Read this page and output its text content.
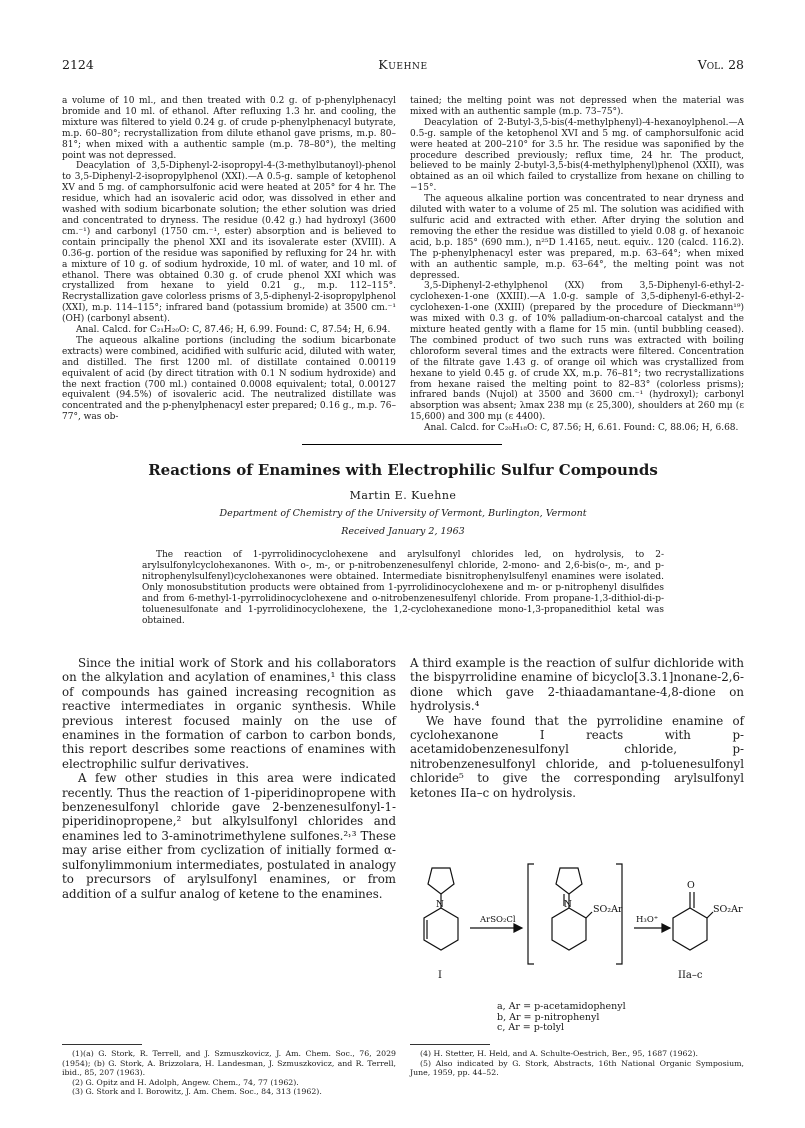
2124	Kuehne	Vol. 28

a volume of 10 ml., and then treated with 0.2 g. of p-phenylphenacyl bromide and 10 ml. of ethanol. After refluxing 1.3 hr. and cooling, the mixture was filtered to yield 0.24 g. of crude p-phenylphenacyl butyrate, m.p. 60–80°; recrystallization from dilute ethanol gave prisms, m.p. 80–81°; when mixed with a authentic sample (m.p. 78–80°), the melting point was not depressed.

Deacylation of 3,5-Diphenyl-2-isopropyl-4-(3-methylbutanoyl)-phenol to 3,5-Diphenyl-2-isopropylphenol (XXI).—A 0.5-g. sample of ketophenol XV and 5 mg. of camphorsulfonic acid were heated at 205° for 4 hr. The residue, which had an isovaleric acid odor, was dissolved in ether and washed with sodium bicarbonate solution; the ether solution was dried and concentrated to dryness. The residue (0.42 g.) had hydroxyl (3600 cm.⁻¹) and carbonyl (1750 cm.⁻¹, ester) absorption and is believed to contain principally the phenol XXI and its isovalerate ester (XVIII). A 0.36-g. portion of the residue was saponified by refluxing for 24 hr. with a mixture of 10 g. of sodium hydroxide, 10 ml. of water, and 10 ml. of ethanol. There was obtained 0.30 g. of crude phenol XXI which was crystallized from hexane to yield 0.21 g., m.p. 112–115°. Recrystallization gave colorless prisms of 3,5-diphenyl-2-isopropylphenol (XXI), m.p. 114–115°; infrared band (potassium bromide) at 3500 cm.⁻¹ (OH) (carbonyl absent).

Anal. Calcd. for C₂₁H₂₀O: C, 87.46; H, 6.99. Found: C, 87.54; H, 6.94.

The aqueous alkaline portions (including the sodium bicarbonate extracts) were combined, acidified with sulfuric acid, diluted with water, and distilled. The first 1200 ml. of distillate contained 0.00119 equivalent of acid (by direct titration with 0.1 N sodium hydroxide) and the next fraction (700 ml.) contained 0.0008 equivalent; total, 0.00127 equivalent (94.5%) of isovaleric acid. The neutralized distillate was concentrated and the p-phenylphenacyl ester prepared; 0.16 g., m.p. 76–77°, was ob-

tained; the melting point was not depressed when the material was mixed with an authentic sample (m.p. 73–75°).

Deacylation of 2-Butyl-3,5-bis(4-methylphenyl)-4-hexanoylphenol.—A 0.5-g. sample of the ketophenol XVI and 5 mg. of camphorsulfonic acid were heated at 200–210° for 3.5 hr. The residue was saponified by the procedure described previously; reflux time, 24 hr. The product, believed to be mainly 2-butyl-3,5-bis(4-methylphenyl)phenol (XXII), was obtained as an oil which failed to crystallize from hexane on chilling to −15°.

The aqueous alkaline portion was concentrated to near dryness and diluted with water to a volume of 25 ml. The solution was acidified with sulfuric acid and extracted with ether. After drying the solution and removing the ether the residue was distilled to yield 0.08 g. of hexanoic acid, b.p. 185° (690 mm.), n²⁵D 1.4165, neut. equiv.. 120 (calcd. 116.2). The p-phenylphenacyl ester was prepared, m.p. 63–64°; when mixed with an authentic sample, m.p. 63–64°, the melting point was not depressed.

3,5-Diphenyl-2-ethylphenol (XX) from 3,5-Diphenyl-6-ethyl-2-cyclohexen-1-one (XXIII).—A 1.0-g. sample of 3,5-diphenyl-6-ethyl-2-cyclohexen-1-one (XXIII) (prepared by the procedure of Dieckmann¹⁹) was mixed with 0.3 g. of 10% palladium-on-charcoal catalyst and the mixture heated gently with a flame for 15 min. (until bubbling ceased). The combined product of two such runs was extracted with boiling chloroform several times and the extracts were filtered. Concentration of the filtrate gave 1.43 g. of orange oil which was crystallized from hexane to yield 0.45 g. of crude XX, m.p. 76–81°; two recrystallizations from hexane raised the melting point to 82–83° (colorless prisms); infrared bands (Nujol) at 3500 and 3600 cm.⁻¹ (hydroxyl); carbonyl absorption was absent; λmax 238 mμ (ε 25,300), shoulders at 260 mμ (ε 15,600) and 300 mμ (ε 4400).

Anal. Calcd. for C₂₀H₁₈O: C, 87.56; H, 6.61. Found: C, 88.06; H, 6.68.

Reactions of Enamines with Electrophilic Sulfur Compounds
Martin E. Kuehne
Department of Chemistry of the University of Vermont, Burlington, Vermont
Received January 2, 1963
The reaction of 1-pyrrolidinocyclohexene and arylsulfonyl chlorides led, on hydrolysis, to 2-arylsulfonylcyclohexanones. With o-, m-, or p-nitrobenzenesulfenyl chloride, 2-mono- and 2,6-bis(o-, m-, and p-nitrophenylsulfenyl)cyclohexanones were obtained. Intermediate bisnitrophenylsulfenyl enamines were isolated. Only monosubstitution products were obtained from 1-pyrrolidinocyclohexene and m- or p-nitrophenyl disulfides and from 6-methyl-1-pyrrolidinocyclohexene and o-nitrobenzenesulfenyl chloride. From propane-1,3-dithiol-di-p-toluenesulfonate and 1-pyrrolidinocyclohexene, the 1,2-cyclohexanedione mono-1,3-propanedithiol ketal was obtained.

Since the initial work of Stork and his collaborators on the alkylation and acylation of enamines,¹ this class of compounds has gained increasing recognition as reactive intermediates in organic synthesis. While previous interest focused mainly on the use of enamines in the formation of carbon to carbon bonds, this report describes some reactions of enamines with electrophilic sulfur derivatives.

A few other studies in this area were indicated recently. Thus the reaction of 1-piperidinopropene with benzenesulfonyl chloride gave 2-benzenesulfonyl-1-piperidinopropene,² but alkylsulfonyl chlorides and enamines led to 3-aminotrimethylene sulfones.²˒³ These may arise either from cyclization of initially formed α-sulfonylimmonium intermediates, postulated in analogy to precursors of arylsulfonyl enamines, or from addition of a sulfur analog of ketene to the enamines.

A third example is the reaction of sulfur dichloride with the bispyrrolidine enamine of bicyclo[3.3.1]nonane-2,6-dione which gave 2-thiaadamantane-4,8-dione on hydrolysis.⁴

We have found that the pyrrolidine enamine of cyclohexanone I reacts with p-acetamidobenzenesulfonyl chloride, p-nitrobenzenesulfonyl chloride, and p-toluenesulfonyl chloride⁵ to give the corresponding arylsulfonyl ketones IIa–c on hydrolysis.

N	N
ArSO₂Cl
SO₂Ar
H₃O⁺
O
SO₂Ar
I	IIa–c
a, Ar = p-acetamidophenyl
b, Ar = p-nitrophenyl
c, Ar = p-tolyl

(1)(a) G. Stork, R. Terrell, and J. Szmuszkovicz, J. Am. Chem. Soc., 76, 2029 (1954); (b) G. Stork, A. Brizzolara, H. Landesman, J. Szmuszkovicz, and R. Terrell, ibid., 85, 207 (1963).

(2) G. Opitz and H. Adolph, Angew. Chem., 74, 77 (1962).

(3) G. Stork and I. Borowitz, J. Am. Chem. Soc., 84, 313 (1962).

(4) H. Stetter, H. Held, and A. Schulte-Oestrich, Ber., 95, 1687 (1962).

(5) Also indicated by G. Stork, Abstracts, 16th National Organic Symposium, June, 1959, pp. 44–52.
